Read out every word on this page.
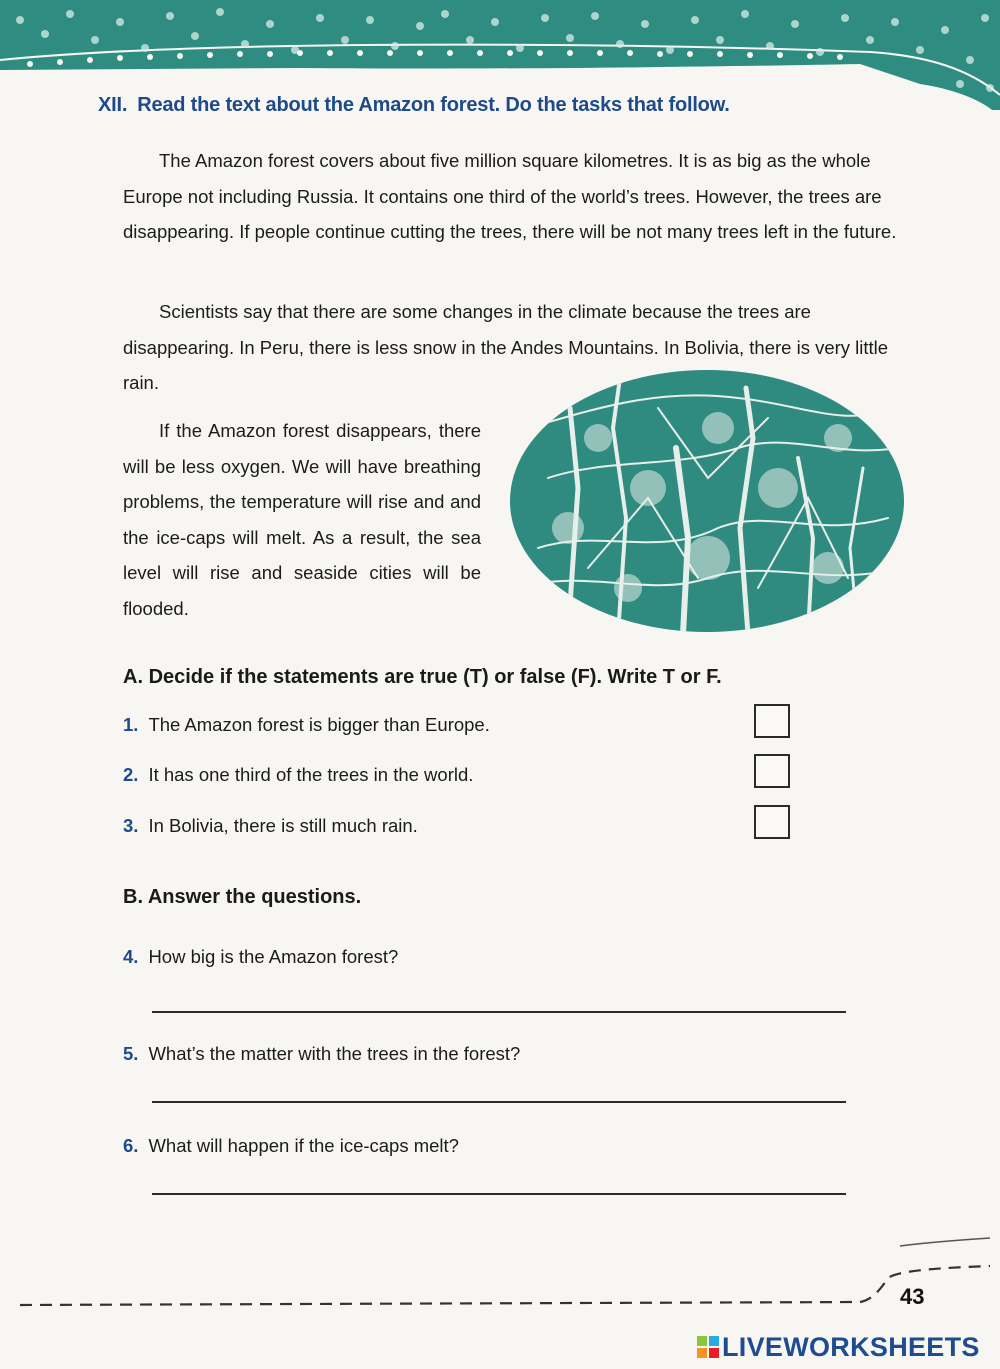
XII. Read the text about the Amazon forest. Do the tasks that follow.

The Amazon forest covers about five million square kilometres. It is as big as the whole Europe not including Russia. It contains one third of the world’s trees. However, the trees are disappearing. If people continue cutting the trees, there will be not many trees left in the future.

Scientists say that there are some changes in the climate because the trees are disappearing. In Peru, there is less snow in the Andes Mountains. In Bolivia, there is very little rain.

If the Amazon forest disappears, there will be less oxygen. We will have breathing problems, the temperature will rise and and the ice-caps will melt. As a result, the sea level will rise and seaside cities will be flooded.

A. Decide if the statements are true (T) or false (F). Write T or F.
1. The Amazon forest is bigger than Europe.
2. It has one third of the trees in the world.
3. In Bolivia, there is still much rain.
B. Answer the questions.
4. How big is the Amazon forest?
5. What’s the matter with the trees in the forest?
6. What will happen if the ice-caps melt?
43
LIVEWORKSHEETS
